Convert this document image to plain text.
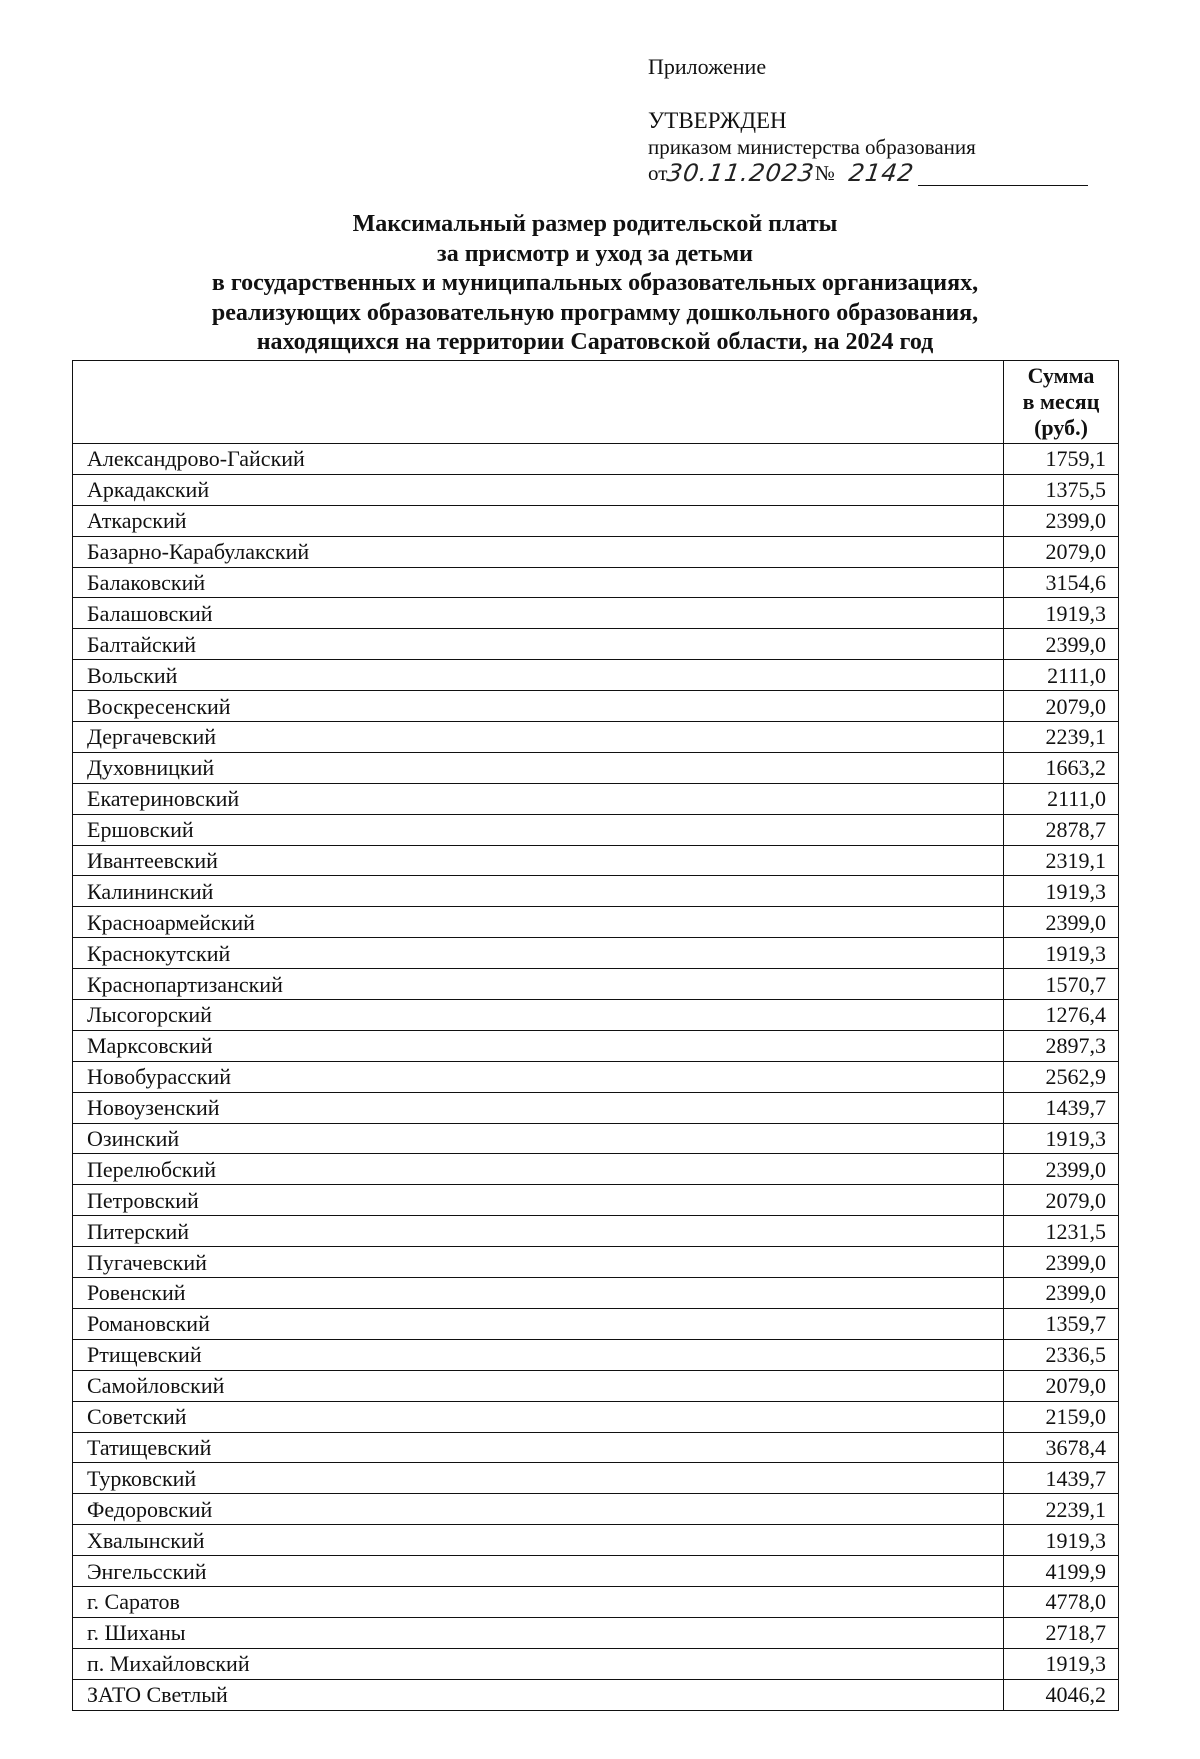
Приложение
УТВЕРЖДЕН
приказом министерства образования
от
30.11.2023
№ 2142
Максимальный размер родительской платы
за присмотр и уход за детьми
в государственных и муниципальных образовательных организациях,
реализующих образовательную программу дошкольного образования,
находящихся на территории Саратовской области, на 2024 год

	Сумма
в месяц
(руб.)

Александрово-Гайский	1759,1
Аркадакский	1375,5
Аткарский	2399,0
Базарно-Карабулакский	2079,0
Балаковский	3154,6
Балашовский	1919,3
Балтайский	2399,0
Вольский	2111,0
Воскресенский	2079,0
Дергачевский	2239,1
Духовницкий	1663,2
Екатериновский	2111,0
Ершовский	2878,7
Ивантеевский	2319,1
Калининский	1919,3
Красноармейский	2399,0
Краснокутский	1919,3
Краснопартизанский	1570,7
Лысогорский	1276,4
Марксовский	2897,3
Новобурасский	2562,9
Новоузенский	1439,7
Озинский	1919,3
Перелюбский	2399,0
Петровский	2079,0
Питерский	1231,5
Пугачевский	2399,0
Ровенский	2399,0
Романовский	1359,7
Ртищевский	2336,5
Самойловский	2079,0
Советский	2159,0
Татищевский	3678,4
Турковский	1439,7
Федоровский	2239,1
Хвалынский	1919,3
Энгельсский	4199,9
г. Саратов	4778,0
г. Шиханы	2718,7
п. Михайловский	1919,3
ЗАТО Светлый	4046,2
